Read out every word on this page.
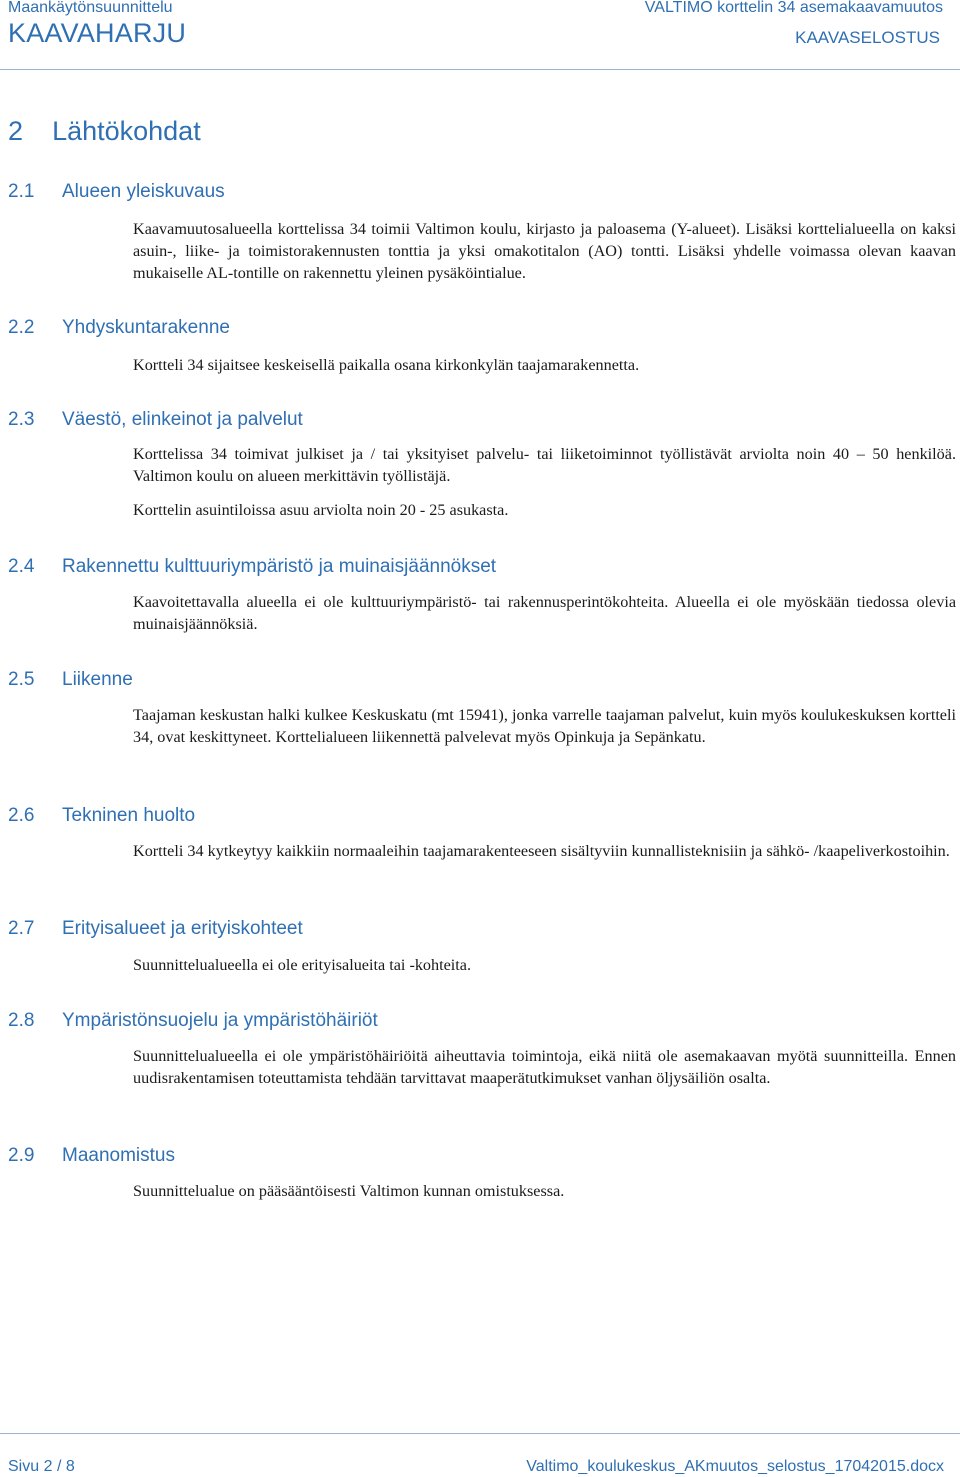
Maankäytönsuunnittelu
KAAVAHARJU
VALTIMO korttelin 34 asemakaavamuutos
KAAVASELOSTUS
2 Lähtökohdat
2.1 Alueen yleiskuvaus

Kaavamuutosalueella korttelissa 34 toimii Valtimon koulu, kirjasto ja paloasema (Y-alueet). Lisäksi korttelialueella on kaksi asuin-, liike- ja toimistorakennusten tonttia ja yksi omakotitalon (AO) tontti. Lisäksi yhdelle voimassa olevan kaavan mukaiselle AL-tontille on rakennettu yleinen pysäköintialue.

2.2 Yhdyskuntarakenne

Kortteli 34 sijaitsee keskeisellä paikalla osana kirkonkylän taajamarakennetta.

2.3 Väestö, elinkeinot ja palvelut

Korttelissa 34 toimivat julkiset ja / tai yksityiset palvelu- tai liiketoiminnot työllistävät arviolta noin 40 – 50 henkilöä. Valtimon koulu on alueen merkittävin työllistäjä.

Korttelin asuintiloissa asuu arviolta noin 20 - 25 asukasta.

2.4 Rakennettu kulttuuriympäristö ja muinaisjäännökset

Kaavoitettavalla alueella ei ole kulttuuriympäristö- tai rakennusperintökohteita. Alueella ei ole myöskään tiedossa olevia muinaisjäännöksiä.

2.5 Liikenne

Taajaman keskustan halki kulkee Keskuskatu (mt 15941), jonka varrelle taajaman palvelut, kuin myös koulukeskuksen kortteli 34, ovat keskittyneet. Korttelialueen liikennettä palvelevat myös Opinkuja ja Sepänkatu.

2.6 Tekninen huolto

Kortteli 34 kytkeytyy kaikkiin normaaleihin taajamarakenteeseen sisältyviin kunnallisteknisiin ja sähkö- /kaapeliverkostoihin.

2.7 Erityisalueet ja erityiskohteet

Suunnittelualueella ei ole erityisalueita tai -kohteita.

2.8 Ympäristönsuojelu ja ympäristöhäiriöt

Suunnittelualueella ei ole ympäristöhäiriöitä aiheuttavia toimintoja, eikä niitä ole asemakaavan myötä suunnitteilla. Ennen uudisrakentamisen toteuttamista tehdään tarvittavat maaperätutkimukset vanhan öljysäiliön osalta.

2.9 Maanomistus

Suunnittelualue on pääsääntöisesti Valtimon kunnan omistuksessa.

Sivu 2 / 8	Valtimo_koulukeskus_AKmuutos_selostus_17042015.docx
